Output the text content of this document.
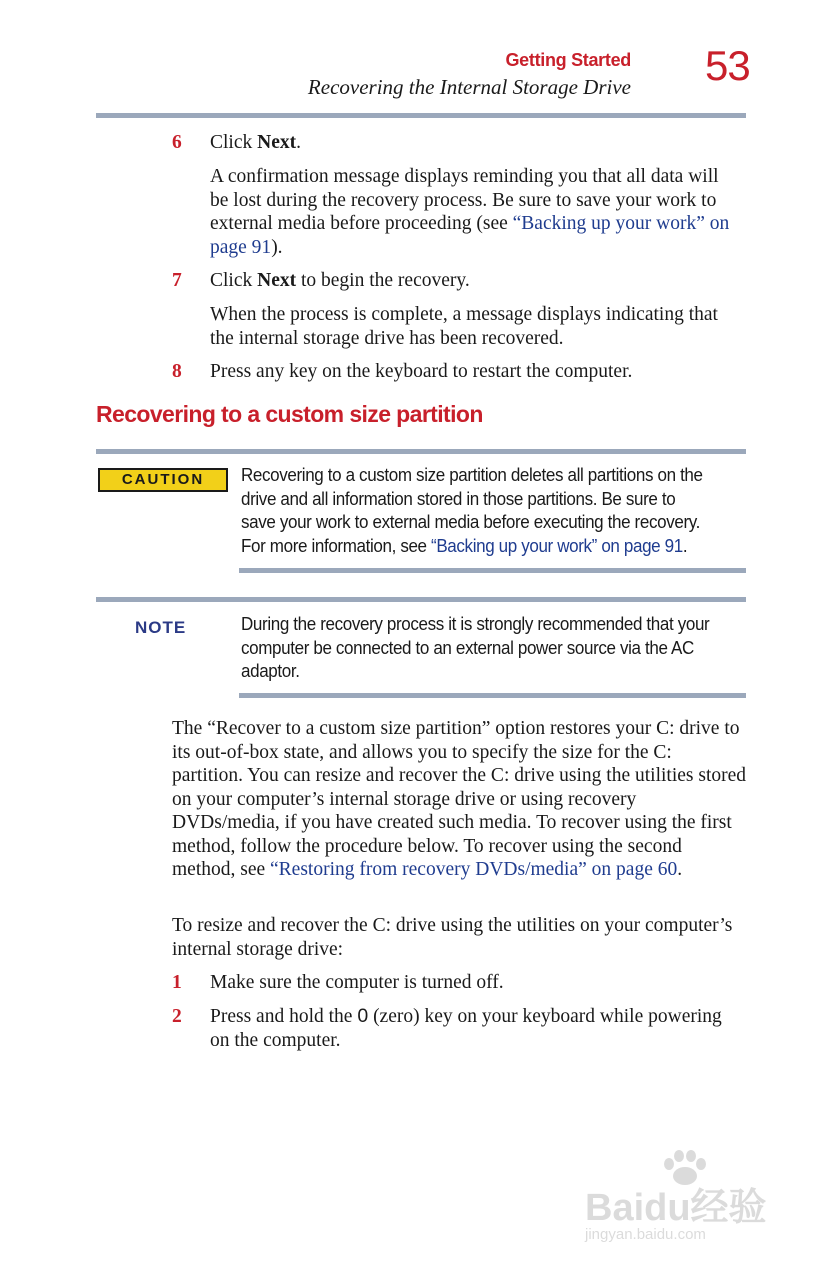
Getting Started
Recovering the Internal Storage Drive 53
6	Click Next.
A confirmation message displays reminding you that all data will be lost during the recovery process. Be sure to save your work to external media before proceeding (see “Backing up your work” on page 91).
7	Click Next to begin the recovery.
When the process is complete, a message displays indicating that the internal storage drive has been recovered.
8	Press any key on the keyboard to restart the computer.
Recovering to a custom size partition
CAUTION	Recovering to a custom size partition deletes all partitions on the drive and all information stored in those partitions. Be sure to save your work to external media before executing the recovery. For more information, see “Backing up your work” on page 91.
NOTE	During the recovery process it is strongly recommended that your computer be connected to an external power source via the AC adaptor.
The “Recover to a custom size partition” option restores your C: drive to its out-of-box state, and allows you to specify the size for the C: partition. You can resize and recover the C: drive using the utilities stored on your computer’s internal storage drive or using recovery DVDs/media, if you have created such media. To recover using the first method, follow the procedure below. To recover using the second method, see “Restoring from recovery DVDs/media” on page 60.
To resize and recover the C: drive using the utilities on your computer’s internal storage drive:
1	Make sure the computer is turned off.
2	Press and hold the 0 (zero) key on your keyboard while powering on the computer.
Baidu经验
jingyan.baidu.com
